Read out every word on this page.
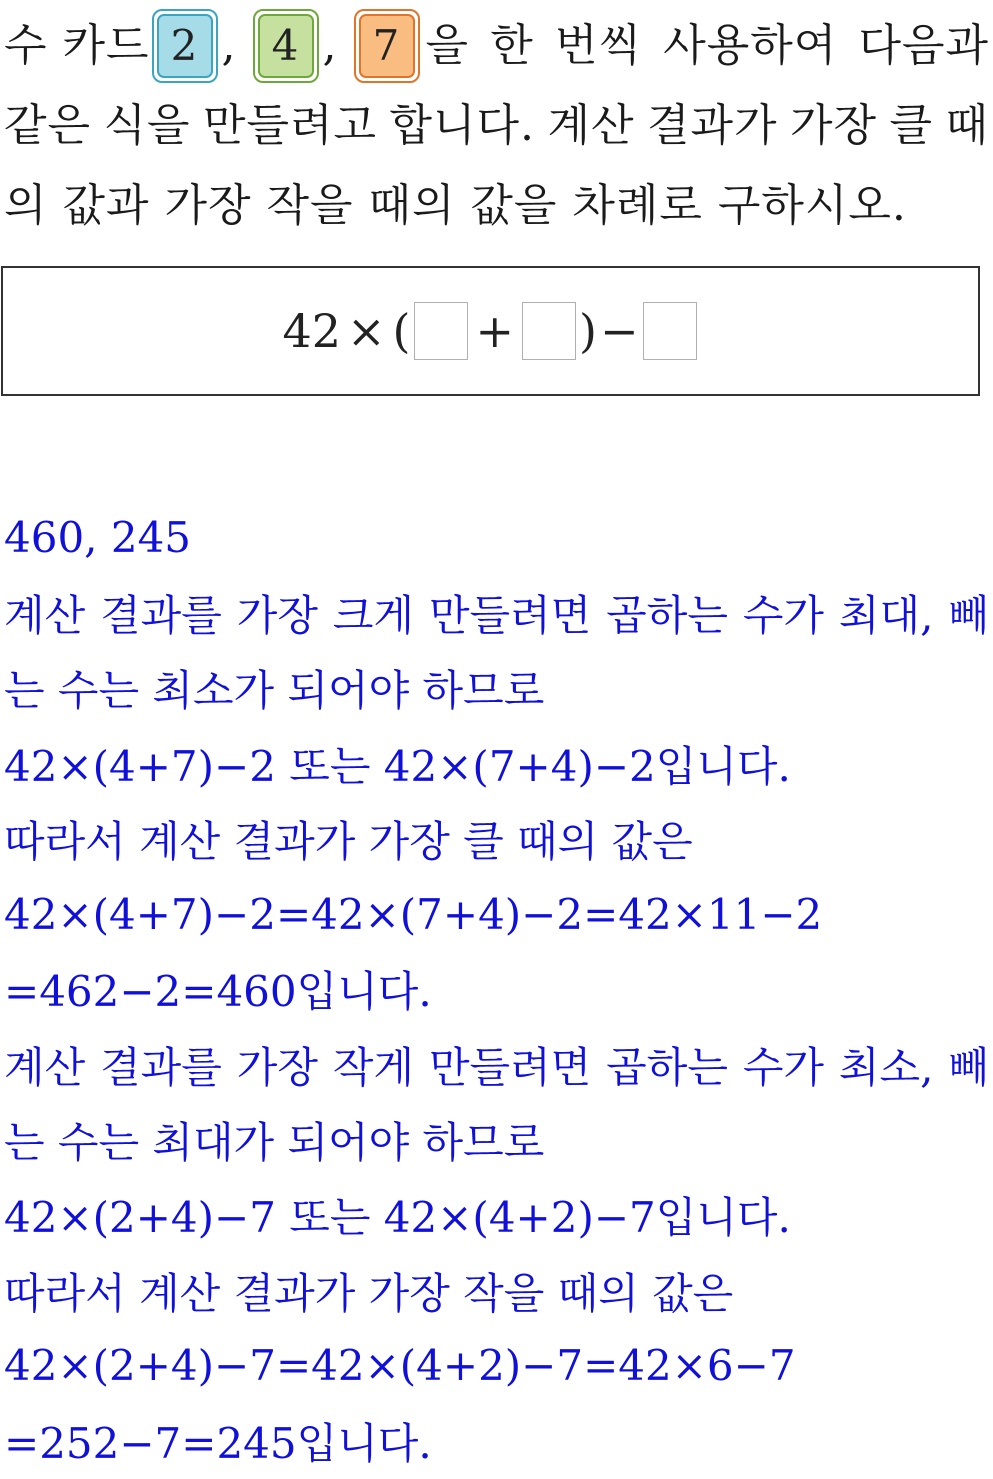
수 카드 2 , 4 , 7 을 한 번씩 사용하여 다음과
같은 식을 만들려고 합니다. 계산 결과가 가장 클 때
의 값과 가장 작을 때의 값을 차례로 구하시오.
42 × ( + ) −
460, 245
계산 결과를 가장 크게 만들려면 곱하는 수가 최대, 빼
는 수는 최소가 되어야 하므로
42×(4+7)−2 또는 42×(7+4)−2입니다.
따라서 계산 결과가 가장 클 때의 값은
42×(4+7)−2=42×(7+4)−2=42×11−2
=462−2=460입니다.
계산 결과를 가장 작게 만들려면 곱하는 수가 최소, 빼
는 수는 최대가 되어야 하므로
42×(2+4)−7 또는 42×(4+2)−7입니다.
따라서 계산 결과가 가장 작을 때의 값은
42×(2+4)−7=42×(4+2)−7=42×6−7
=252−7=245입니다.
